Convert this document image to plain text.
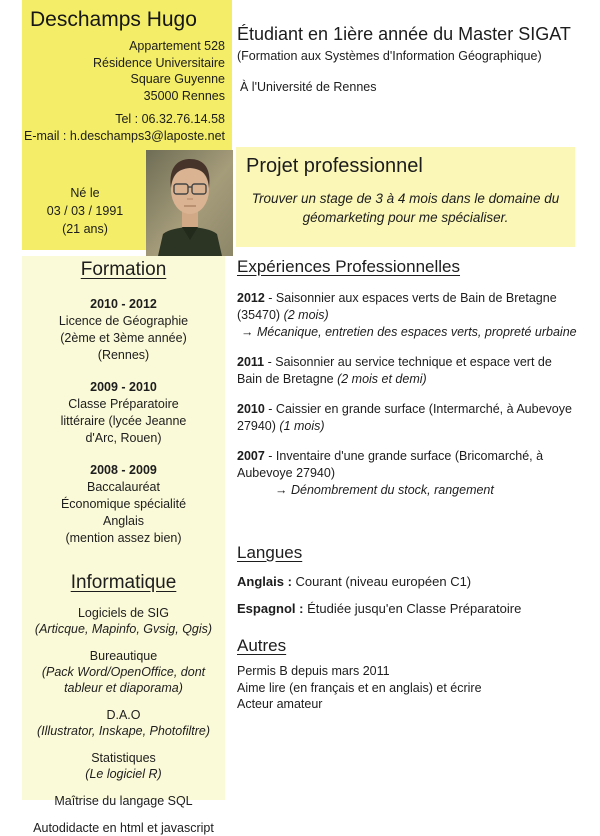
Deschamps Hugo
Appartement 528
Résidence Universitaire
Square Guyenne
35000 Rennes
Tel : 06.32.76.14.58
E-mail : h.deschamps3@laposte.net
Né le
03 / 03 / 1991
(21 ans)
Formation
2010 - 2012
Licence de Géographie
(2ème et 3ème année)
(Rennes)
2009 - 2010
Classe Préparatoire
littéraire (lycée Jeanne
d'Arc, Rouen)
2008 - 2009
Baccalauréat
Économique spécialité
Anglais
(mention assez bien)
Informatique
Logiciels de SIG
(Articque, Mapinfo, Gvsig, Qgis)
Bureautique
(Pack Word/OpenOffice, dont tableur et diaporama)
D.A.O
(Illustrator, Inskape, Photofiltre)
Statistiques
(Le logiciel R)
Maîtrise du langage SQL
Autodidacte en html et javascript
Étudiant en 1ière année du Master SIGAT
(Formation aux Systèmes d'Information Géographique)
À l'Université de Rennes
Projet professionnel
Trouver un stage de 3 à 4 mois dans le domaine du géomarketing pour me spécialiser.
Expériences Professionnelles

2012 - Saisonnier aux espaces verts de Bain de Bretagne (35470) (2 mois)

→ Mécanique, entretien des espaces verts, propreté urbaine

2011 - Saisonnier au service technique et espace vert de Bain de Bretagne (2 mois et demi)

2010 - Caissier en grande surface (Intermarché, à Aubevoye 27940) (1 mois)

2007 - Inventaire d'une grande surface (Bricomarché, à Aubevoye 27940)

→ Dénombrement du stock, rangement

Langues

Anglais : Courant (niveau européen C1)

Espagnol : Étudiée jusqu'en Classe Préparatoire

Autres
Permis B depuis mars 2011
Aime lire (en français et en anglais) et écrire
Acteur amateur
